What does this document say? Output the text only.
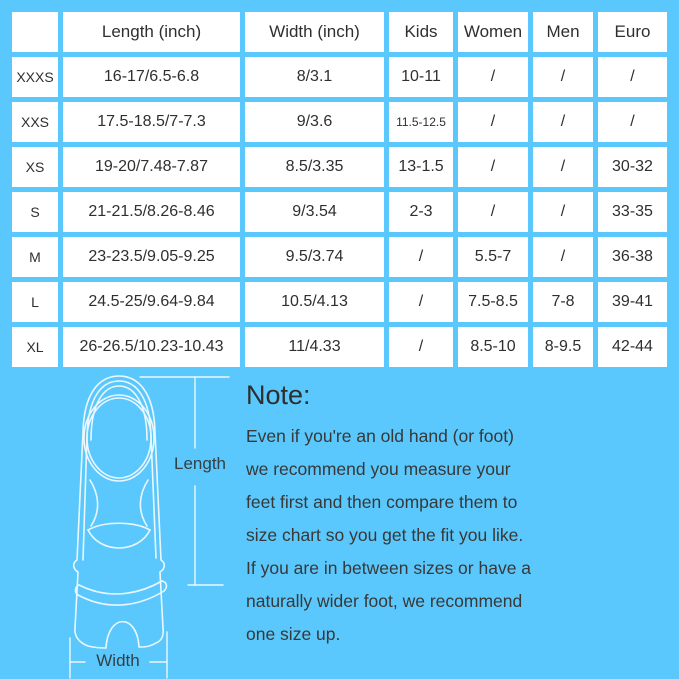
	Length (inch)	Width (inch)	Kids	Women	Men	Euro
XXXS	16-17/6.5-6.8	8/3.1	10-11	/	/	/
XXS	17.5-18.5/7-7.3	9/3.6	11.5-12.5	/	/	/
XS	19-20/7.48-7.87	8.5/3.35	13-1.5	/	/	30-32
S	21-21.5/8.26-8.46	9/3.54	2-3	/	/	33-35
M	23-23.5/9.05-9.25	9.5/3.74	/	5.5-7	/	36-38
L	24.5-25/9.64-9.84	10.5/4.13	/	7.5-8.5	7-8	39-41
XL	26-26.5/10.23-10.43	11/4.33	/	8.5-10	8-9.5	42-44
Length
Width
Note:

Even if you're an old hand (or foot)

we recommend you measure your

feet first and then compare them to

size chart so you get the fit you like.

If you are in between sizes or have a

naturally wider foot, we recommend

one size up.
